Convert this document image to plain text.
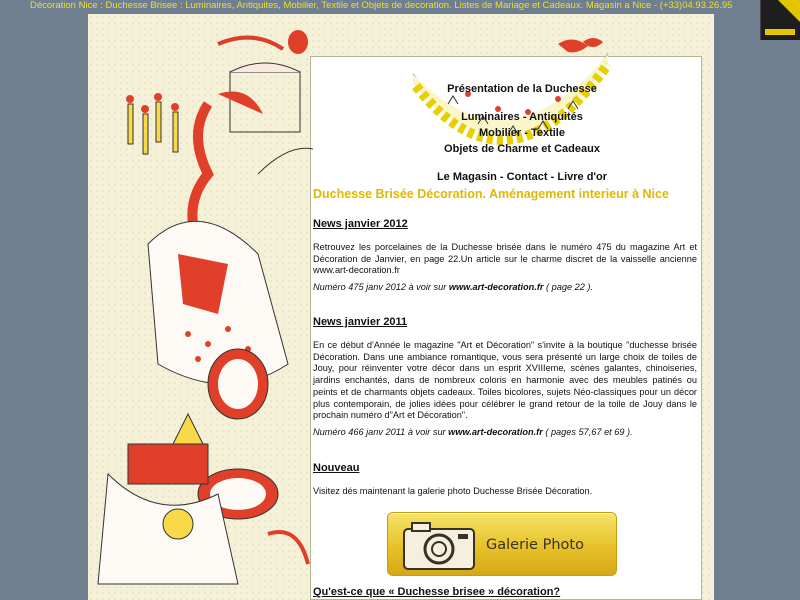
Décoration Nice : Duchesse Brisee : Luminaires, Antiquites, Mobilier, Textile et Objets de decoration. Listes de Mariage et Cadeaux. Magasin a Nice - (+33)04.93.26.95
Présentation de la Duchesse
Luminaires - Antiquités
Mobilier - Textile
Objets de Charme et Cadeaux
Le Magasin - Contact - Livre d'or
Duchesse Brisée Décoration. Aménagement interieur à Nice
News janvier 2012
Retrouvez les porcelaines de la Duchesse brisée dans le numéro 475 du magazine Art et Décoration de Janvier, en page 22.Un article sur le charme discret de la vaisselle ancienne www.art-decoration.fr
Numéro 475 janv 2012 à voir sur www.art-decoration.fr ( page 22 ).
News janvier 2011
En ce début d'Année le magazine "Art et Décoration" s'invite à la boutique "duchesse brisée Décoration. Dans une ambiance romantique, vous sera présenté un large choix de toiles de Jouy, pour réinventer votre décor dans un esprit XVIIIeme, scènes galantes, chinoiseries, jardins enchantés, dans de nombreux coloris en harmonie avec des meubles patinés ou peints et de charmants objets cadeaux. Toiles bicolores, sujets Néo-classiques pour un décor plus contemporain, de jolies idées pour célébrer le grand retour de la toile de Jouy dans le prochain numéro d"Art et Décoration".
Numéro 466 janv 2011 à voir sur www.art-decoration.fr ( pages 57,67 et 69 ).
Nouveau
Visitez dés maintenant la galerie photo Duchesse Brisée Décoration.
Galerie Photo
Qu'est-ce que « Duchesse brisee » décoration?
